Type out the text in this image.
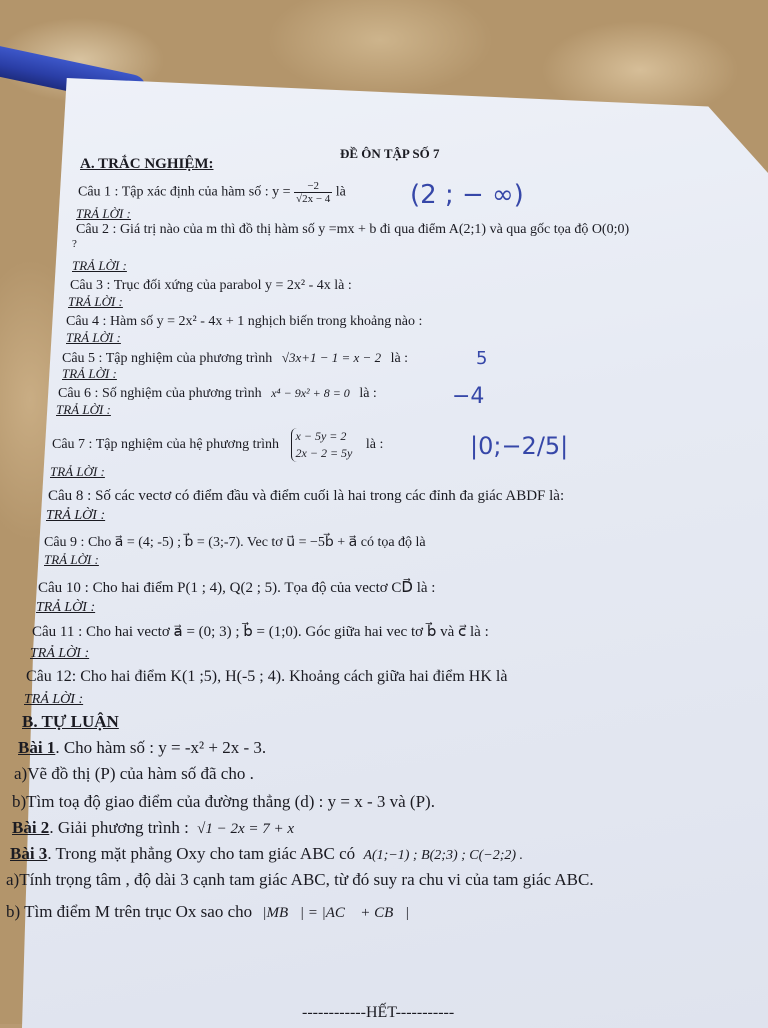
ĐỀ ÔN TẬP SỐ 7
A. TRẮC NGHIỆM:
Câu 1 : Tập xác định của hàm số : $y = \frac{-2}{√2x - 4}$ là (2 ; − ∞)
TRẢ LỜI :
Câu 2 : Giá trị nào của m thì đồ thị hàm số y =mx + b đi qua điểm A(2;1) và qua gốc tọa độ O(0;0)
?
TRẢ LỜI :
Câu 3 : Trục đối xứng của parabol y = 2x² - 4x là :
TRẢ LỜI :
Câu 4 : Hàm số y = 2x² - 4x + 1 nghịch biến trong khoảng nào :
TRẢ LỜI :
Câu 5 : Tập nghiệm của phương trình √3x+1 − 1 = x − 2 là :	5
TRẢ LỜI :
Câu 6 : Số nghiệm của phương trình x⁴ − 9x² + 8 = 0 là :	−4
TRẢ LỜI :
Câu 7 : Tập nghiệm của hệ phương trình
x − 5y = 2
2x − 2 = 5y
là :	|0;−2/5|
TRẢ LỜI :
Câu 8 : Số các vectơ có điểm đầu và điểm cuối là hai trong các đỉnh đa giác ABDF là:
TRẢ LỜI :
Câu 9 : Cho a⃗ = (4; -5) ; b⃗ = (3;-7). Vec tơ u⃗ = −5b⃗ + a⃗ có tọa độ là
TRẢ LỜI :
Câu 10 : Cho hai điểm P(1 ; 4), Q(2 ; 5). Tọa độ của vectơ CD⃗ là :
TRẢ LỜI :
Câu 11 : Cho hai vectơ a⃗ = (0; 3) ; b⃗ = (1;0). Góc giữa hai vec tơ b⃗ và c⃗ là :
TRẢ LỜI :
Câu 12: Cho hai điểm K(1 ;5), H(-5 ; 4). Khoảng cách giữa hai điểm HK là
TRẢ LỜI :
B. TỰ LUẬN
Bài 1. Cho hàm số : y = -x² + 2x - 3.
a)Vẽ đồ thị (P) của hàm số đã cho .
b)Tìm toạ độ giao điểm của đường thẳng (d) : y = x - 3 và (P).
Bài 2. Giải phương trình : √1 − 2x = 7 + x
Bài 3. Trong mặt phẳng Oxy cho tam giác ABC có A(1;−1) ; B(2;3) ; C(−2;2) .
a)Tính trọng tâm , độ dài 3 cạnh tam giác ABC, từ đó suy ra chu vi của tam giác ABC.
b) Tìm điểm M trên trục Ox sao cho |MB⃗| = |AC⃗ + CB⃗|
------------HẾT-----------
